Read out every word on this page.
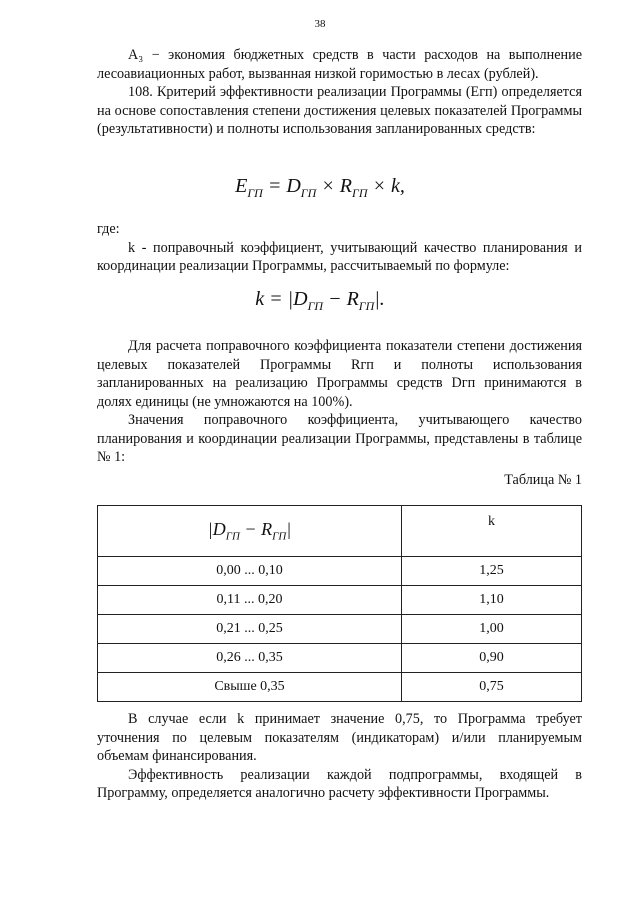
38

А₃ − экономия бюджетных средств в части расходов на выполнение лесоавиационных работ, вызванная низкой горимостью в лесах (рублей).

108. Критерий эффективности реализации Программы (Егп) определяется на основе сопоставления степени достижения целевых показателей Программы (результативности) и полноты использования запланированных средств:

$E_{ГП} = D_{ГП} \times R_{ГП} \times k$,

где:

k - поправочный коэффициент, учитывающий качество планирования и координации реализации Программы, рассчитываемый по формуле:

$k = |D_{ГП} - R_{ГП}|$.

Для расчета поправочного коэффициента показатели степени достижения целевых показателей Программы Rгп и полноты использования запланированных на реализацию Программы средств Dгп принимаются в долях единицы (не умножаются на 100%).

Значения поправочного коэффициента, учитывающего качество планирования и координации реализации Программы, представлены в таблице № 1:

Таблица № 1
$|D_{ГП} - R_{ГП}|$	k
0,00 ... 0,10	1,25
0,11 ... 0,20	1,10
0,21 ... 0,25	1,00
0,26 ... 0,35	0,90
Свыше 0,35	0,75

В случае если k принимает значение 0,75, то Программа требует уточнения по целевым показателям (индикаторам) и/или планируемым объемам финансирования.

Эффективность реализации каждой подпрограммы, входящей в Программу, определяется аналогично расчету эффективности Программы.
